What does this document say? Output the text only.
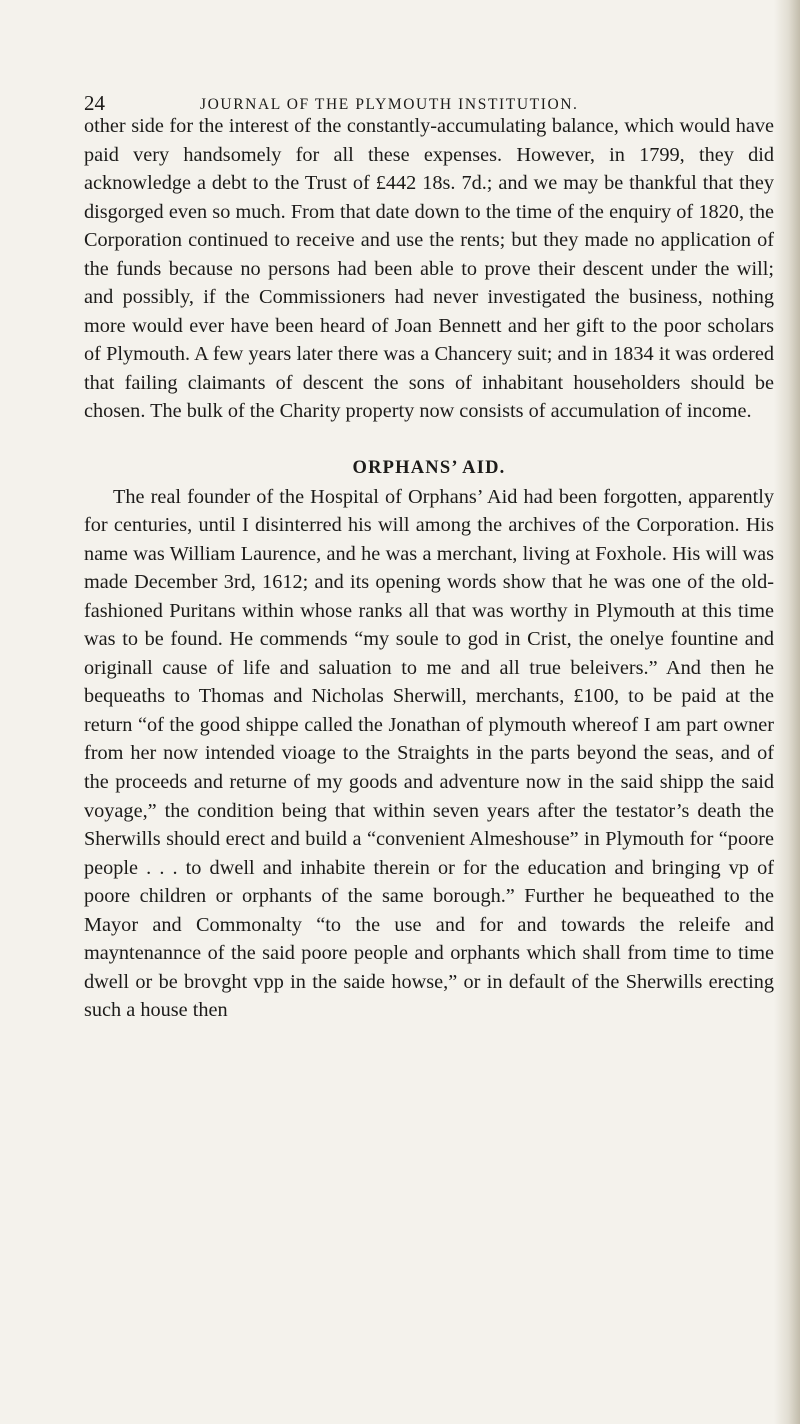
24	JOURNAL OF THE PLYMOUTH INSTITUTION.

other side for the interest of the constantly-accumulating balance, which would have paid very handsomely for all these expenses. However, in 1799, they did acknowledge a debt to the Trust of £442 18s. 7d.; and we may be thankful that they disgorged even so much. From that date down to the time of the enquiry of 1820, the Corporation continued to receive and use the rents; but they made no application of the funds because no persons had been able to prove their descent under the will; and possibly, if the Commissioners had never investigated the business, nothing more would ever have been heard of Joan Bennett and her gift to the poor scholars of Plymouth. A few years later there was a Chancery suit; and in 1834 it was ordered that failing claimants of descent the sons of inhabitant householders should be chosen. The bulk of the Charity property now consists of accumulation of income.

ORPHANS’ AID.

The real founder of the Hospital of Orphans’ Aid had been forgotten, apparently for centuries, until I disinterred his will among the archives of the Corporation. His name was William Laurence, and he was a merchant, living at Foxhole. His will was made December 3rd, 1612; and its opening words show that he was one of the old-fashioned Puritans within whose ranks all that was worthy in Plymouth at this time was to be found. He commends “my soule to god in Crist, the onelye fountine and originall cause of life and saluation to me and all true beleivers.” And then he bequeaths to Thomas and Nicholas Sherwill, merchants, £100, to be paid at the return “of the good shippe called the Jonathan of plymouth whereof I am part owner from her now intended vioage to the Straights in the parts beyond the seas, and of the proceeds and returne of my goods and adventure now in the said shipp the said voyage,” the condition being that within seven years after the testator’s death the Sherwills should erect and build a “convenient Almeshouse” in Plymouth for “poore people . . . to dwell and inhabite therein or for the education and bringing vp of poore children or orphants of the same borough.” Further he bequeathed to the Mayor and Commonalty “to the use and for and towards the releife and mayntenannce of the said poore people and orphants which shall from time to time dwell or be brovght vpp in the saide howse,” or in default of the Sherwills erecting such a house then
